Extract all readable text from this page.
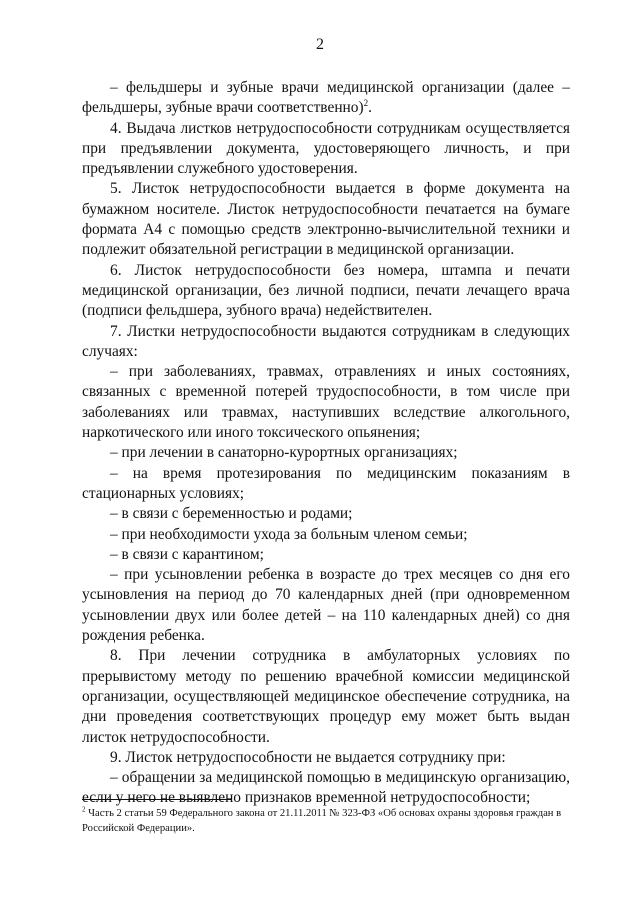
2

– фельдшеры и зубные врачи медицинской организации (далее – фельдшеры, зубные врачи соответственно)$^2$.

4. Выдача листков нетрудоспособности сотрудникам осуществляется при предъявлении документа, удостоверяющего личность, и при предъявлении служебного удостоверения.

5. Листок нетрудоспособности выдается в форме документа на бумажном носителе. Листок нетрудоспособности печатается на бумаге формата А4 с помощью средств электронно-вычислительной техники и подлежит обязательной регистрации в медицинской организации.

6. Листок нетрудоспособности без номера, штампа и печати медицинской организации, без личной подписи, печати лечащего врача (подписи фельдшера, зубного врача) недействителен.

7. Листки нетрудоспособности выдаются сотрудникам в следующих случаях:

– при заболеваниях, травмах, отравлениях и иных состояниях, связанных с временной потерей трудоспособности, в том числе при заболеваниях или травмах, наступивших вследствие алкогольного, наркотического или иного токсического опьянения;

– при лечении в санаторно-курортных организациях;

– на время протезирования по медицинским показаниям в стационарных условиях;

– в связи с беременностью и родами;

– при необходимости ухода за больным членом семьи;

– в связи с карантином;

– при усыновлении ребенка в возрасте до трех месяцев со дня его усыновления на период до 70 календарных дней (при одновременном усыновлении двух или более детей – на 110 календарных дней) со дня рождения ребенка.

8. При лечении сотрудника в амбулаторных условиях по прерывистому методу по решению врачебной комиссии медицинской организации, осуществляющей медицинское обеспечение сотрудника, на дни проведения соответствующих процедур ему может быть выдан листок нетрудоспособности.

9. Листок нетрудоспособности не выдается сотруднику при:

– обращении за медицинской помощью в медицинскую организацию, если у него не выявлено признаков временной нетрудоспособности;

$^2$ Часть 2 статьи 59 Федерального закона от 21.11.2011 № 323-ФЗ «Об основах охраны здоровья граждан в Российской Федерации».
